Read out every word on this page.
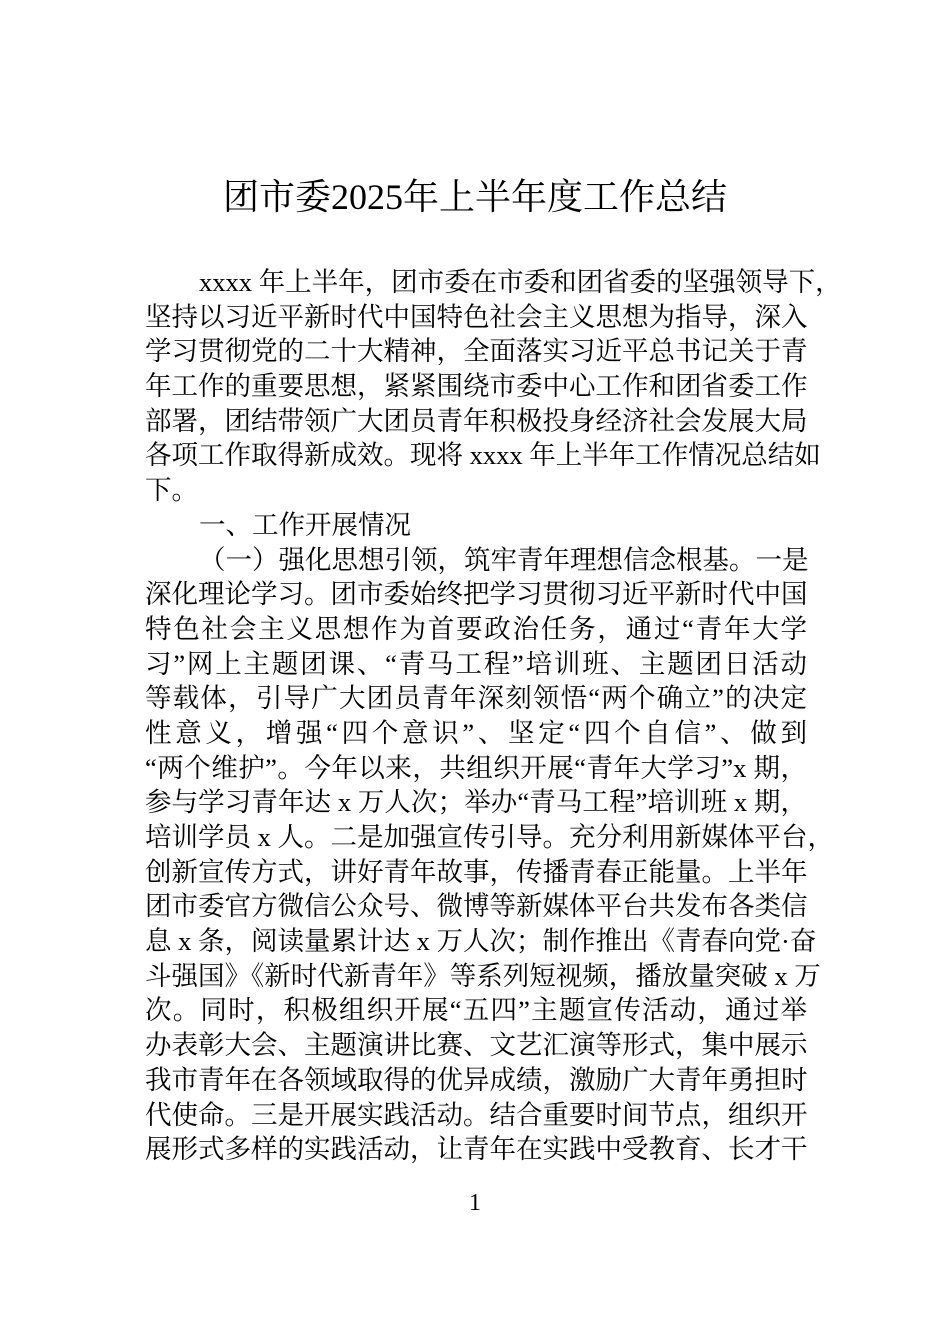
团市委2025年上半年度工作总结
xxxx 年上半年，团市委在市委和团省委的坚强领导下，
坚持以习近平新时代中国特色社会主义思想为指导，深入
学习贯彻党的二十大精神，全面落实习近平总书记关于青
年工作的重要思想，紧紧围绕市委中心工作和团省委工作
部署，团结带领广大团员青年积极投身经济社会发展大局
各项工作取得新成效。现将 xxxx 年上半年工作情况总结如
下。
一、工作开展情况
（一）强化思想引领，筑牢青年理想信念根基。一是
深化理论学习。团市委始终把学习贯彻习近平新时代中国
特色社会主义思想作为首要政治任务，通过“青年大学
习”网上主题团课、“青马工程”培训班、主题团日活动
等载体，引导广大团员青年深刻领悟“两个确立”的决定
性意义，增强“四个意识”、坚定“四个自信”、做到
“两个维护”。今年以来，共组织开展“青年大学习”x 期，
参与学习青年达 x 万人次；举办“青马工程”培训班 x 期，
培训学员 x 人。二是加强宣传引导。充分利用新媒体平台，
创新宣传方式，讲好青年故事，传播青春正能量。上半年
团市委官方微信公众号、微博等新媒体平台共发布各类信
息 x 条，阅读量累计达 x 万人次；制作推出《青春向党·奋
斗强国》《新时代新青年》等系列短视频，播放量突破 x 万
次。同时，积极组织开展“五四”主题宣传活动，通过举
办表彰大会、主题演讲比赛、文艺汇演等形式，集中展示
我市青年在各领域取得的优异成绩，激励广大青年勇担时
代使命。三是开展实践活动。结合重要时间节点，组织开
展形式多样的实践活动，让青年在实践中受教育、长才干
1
